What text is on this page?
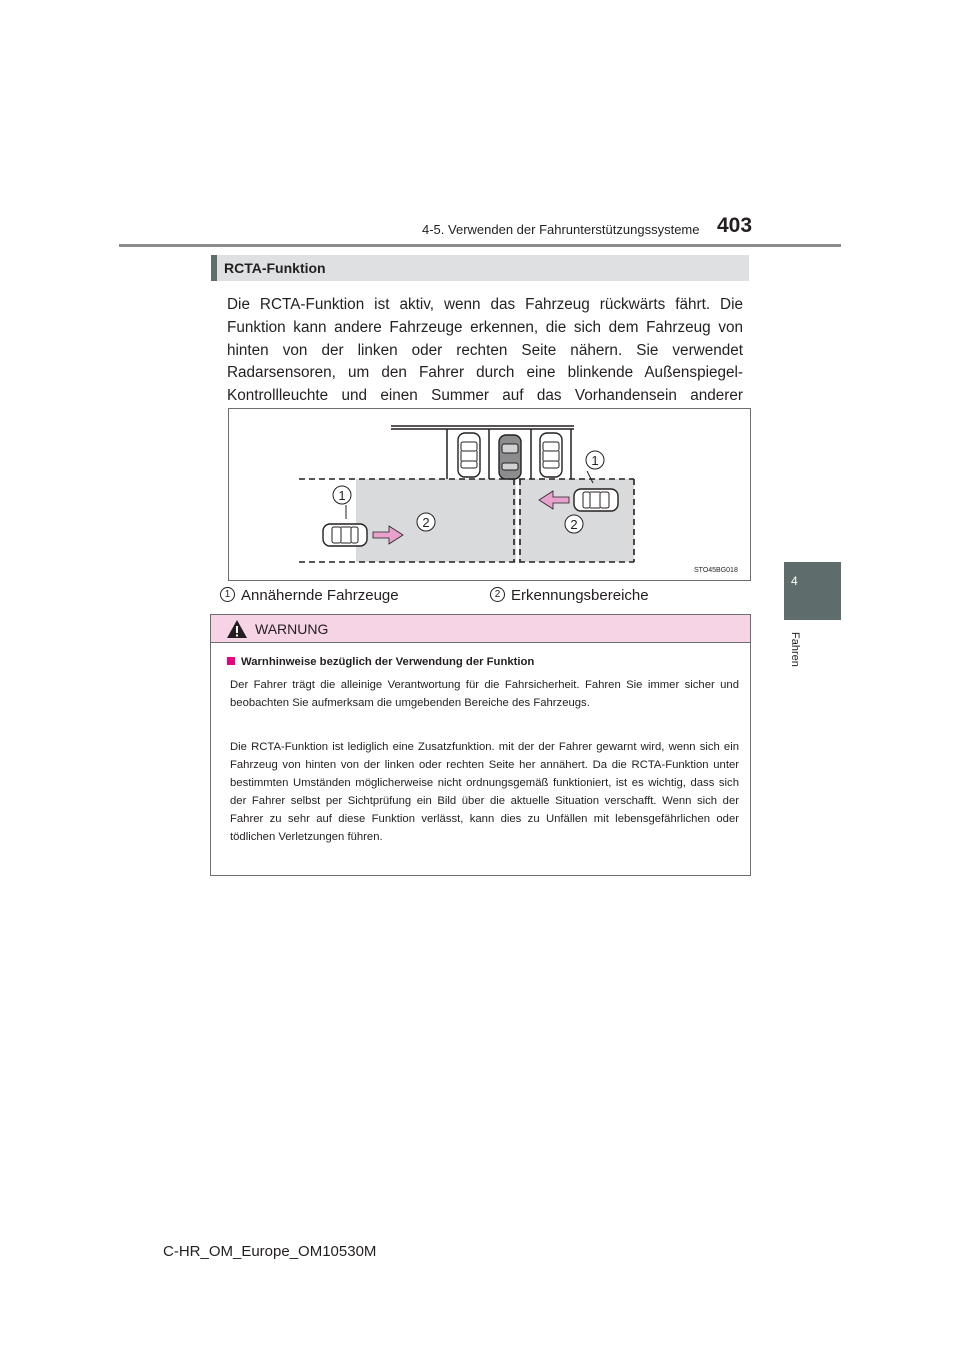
4-5. Verwenden der Fahrunterstützungssysteme 403
4
Fahren
RCTA-Funktion
Die RCTA-Funktion ist aktiv, wenn das Fahrzeug rückwärts fährt. Die Funktion kann andere Fahrzeuge erkennen, die sich dem Fahrzeug von hinten von der linken oder rechten Seite nähern. Sie verwendet Radarsensoren, um den Fahrer durch eine blinkende Außenspiegel-Kontrollleuchte und einen Summer auf das Vorhandensein anderer
1
1
2	2
STO45BG018
1 Annähernde Fahrzeuge	2 Erkennungsbereiche
WARNUNG
Warnhinweise bezüglich der Verwendung der Funktion
Der Fahrer trägt die alleinige Verantwortung für die Fahrsicherheit. Fahren Sie immer sicher und beobachten Sie aufmerksam die umgebenden Bereiche des Fahrzeugs.
Die RCTA-Funktion ist lediglich eine Zusatzfunktion. mit der der Fahrer gewarnt wird, wenn sich ein Fahrzeug von hinten von der linken oder rechten Seite her annähert. Da die RCTA-Funktion unter bestimmten Umständen möglicherweise nicht ordnungsgemäß funktioniert, ist es wichtig, dass sich der Fahrer selbst per Sichtprüfung ein Bild über die aktuelle Situation verschafft. Wenn sich der Fahrer zu sehr auf diese Funktion verlässt, kann dies zu Unfällen mit lebensgefährlichen oder tödlichen Verletzungen führen.
C-HR_OM_Europe_OM10530M
